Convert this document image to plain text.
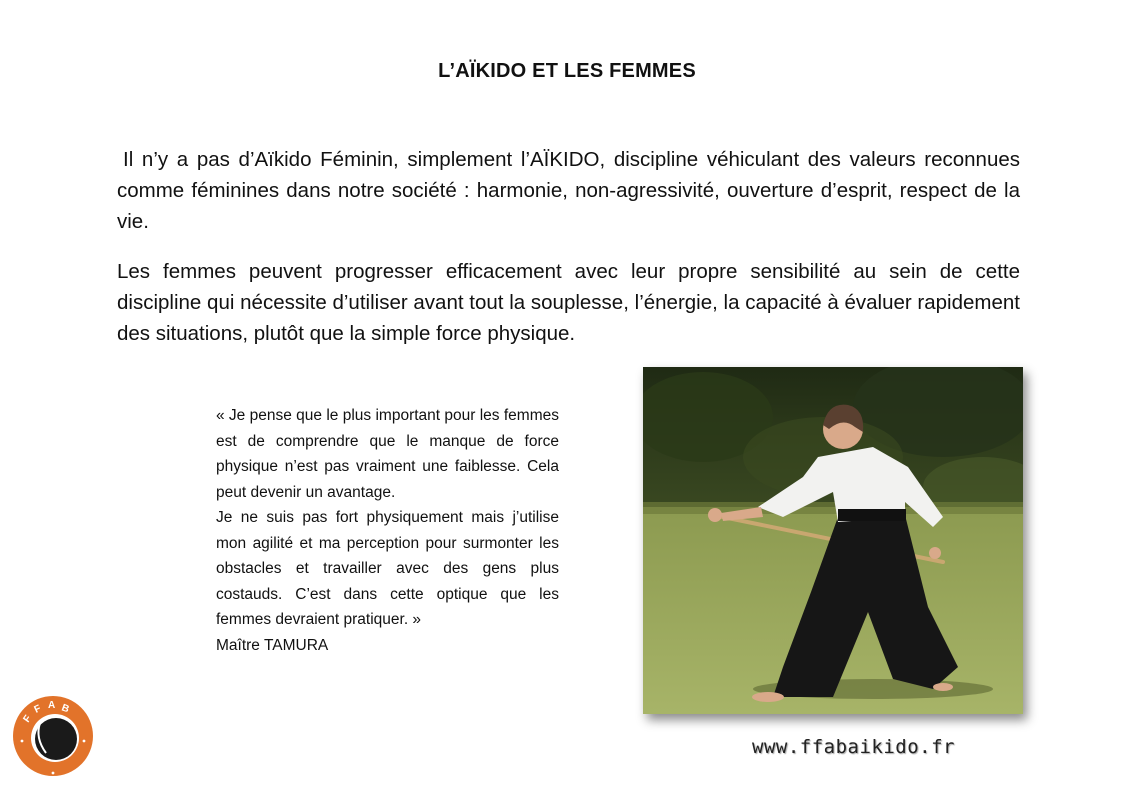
L’AÏKIDO ET LES FEMMES
Il n’y a pas d’Aïkido Féminin, simplement l’AÏKIDO, discipline véhiculant des valeurs reconnues comme féminines dans notre société : harmonie, non-agressivité, ouverture d’esprit, respect de la vie.
Les femmes peuvent progresser efficacement avec leur propre sensibilité au sein de cette discipline qui nécessite d’utiliser avant tout la souplesse, l’énergie, la capacité à évaluer rapidement des situations, plutôt que la simple force physique.

« Je pense que le plus important pour les femmes est de comprendre que le manque de force physique n’est pas vraiment une faiblesse. Cela peut devenir un avantage.

Je ne suis pas fort physiquement mais j’utilise mon agilité et ma perception pour surmonter les obstacles et travailler avec des gens plus costauds. C’est dans cette optique que les femmes devraient pratiquer. »

Maître TAMURA

www.ffabaikido.fr
F
F A B
